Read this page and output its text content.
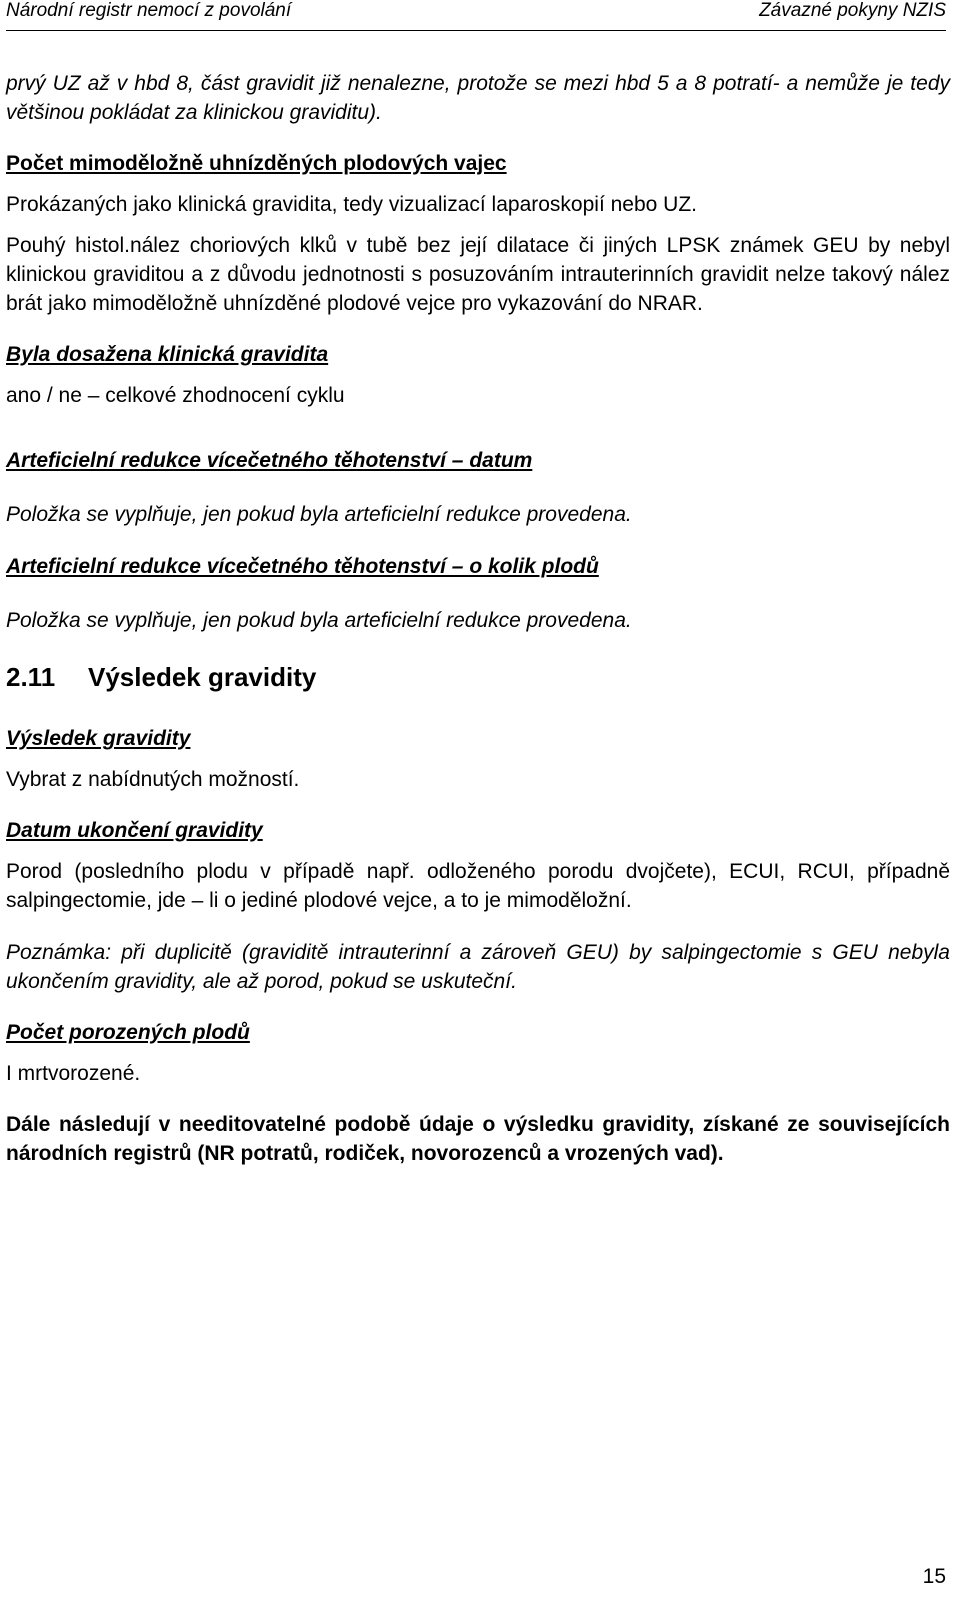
Národní registr nemocí z povolání	Závazné pokyny NZIS

prvý UZ až v hbd 8, část gravidit již nenalezne, protože se mezi hbd 5 a 8 potratí- a nemůže je tedy většinou pokládat za klinickou graviditu).

Počet mimoděložně uhnízděných plodových vajec

Prokázaných jako klinická gravidita, tedy vizualizací laparoskopií nebo UZ.

Pouhý histol.nález choriových klků v tubě bez její dilatace či jiných LPSK známek GEU by nebyl klinickou graviditou a z důvodu jednotnosti s posuzováním intrauterinních gravidit nelze takový nález brát jako mimoděložně uhnízděné plodové vejce pro vykazování do NRAR.

Byla dosažena klinická gravidita

ano / ne – celkové zhodnocení cyklu

Arteficielní redukce vícečetného těhotenství – datum

Položka se vyplňuje, jen pokud byla arteficielní redukce provedena.

Arteficielní redukce vícečetného těhotenství – o kolik plodů

Položka se vyplňuje, jen pokud byla arteficielní redukce provedena.

2.11 Výsledek gravidity

Výsledek gravidity

Vybrat z nabídnutých možností.

Datum ukončení gravidity

Porod (posledního plodu v případě např. odloženého porodu dvojčete), ECUI, RCUI, případně salpingectomie, jde – li o jediné plodové vejce, a to je mimoděložní.

Poznámka: při duplicitě (graviditě intrauterinní a zároveň GEU) by salpingectomie s GEU nebyla ukončením gravidity, ale až porod, pokud se uskuteční.

Počet porozených plodů

I mrtvorozené.

Dále následují v needitovatelné podobě údaje o výsledku gravidity, získané ze souvisejících národních registrů (NR potratů, rodiček, novorozenců a vrozených vad).

15
